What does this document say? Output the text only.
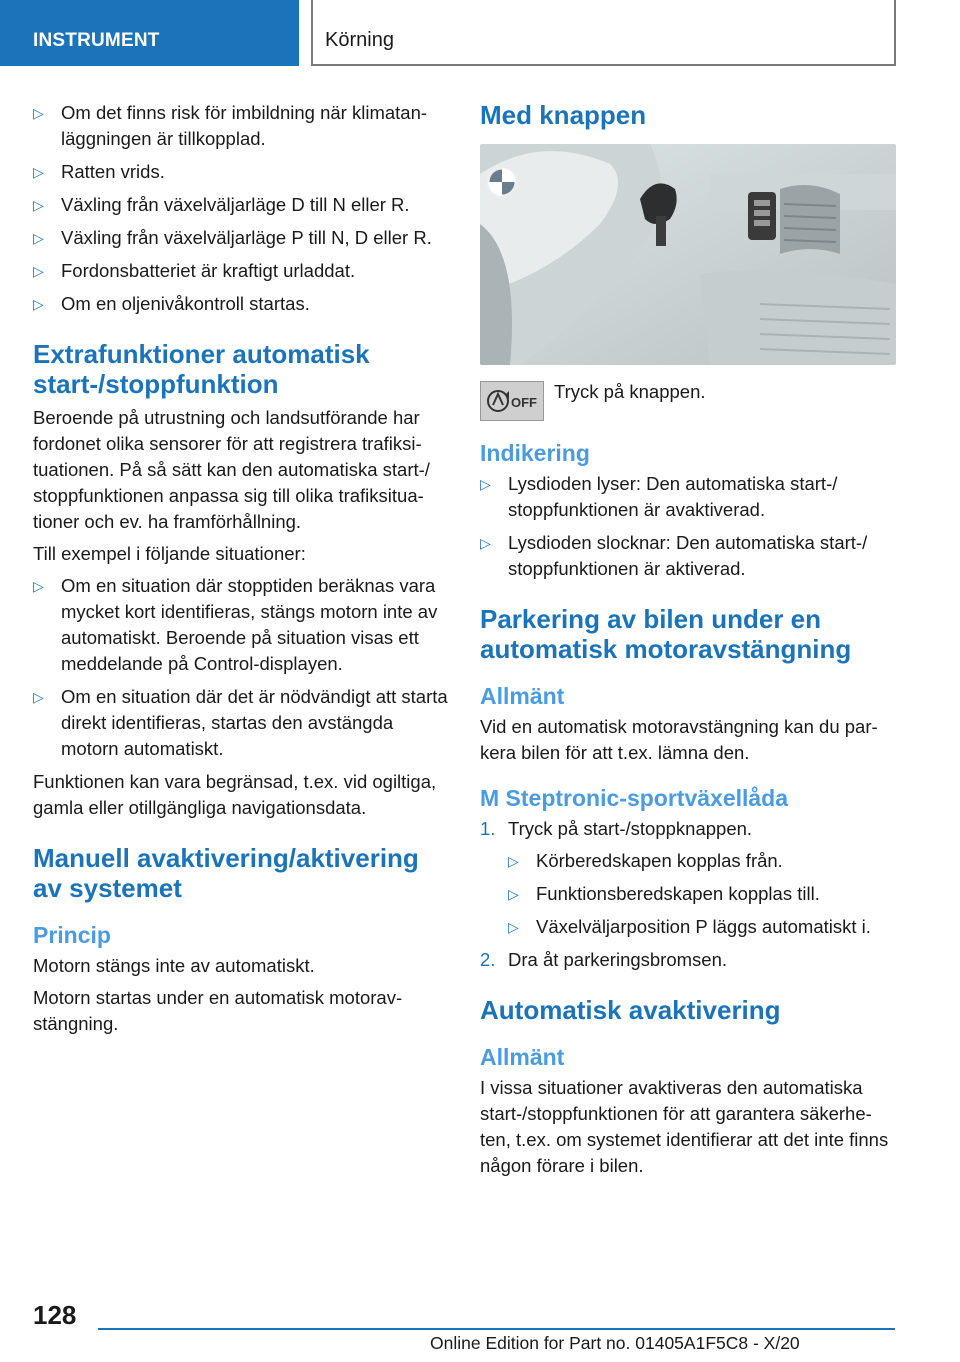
INSTRUMENT	Körning
▷ Om det finns risk för imbildning när klimatanläggningen är tillkopplad.
▷ Ratten vrids.
▷ Växling från växelväljarläge D till N eller R.
▷ Växling från växelväljarläge P till N, D eller R.
▷ Fordonsbatteriet är kraftigt urladdat.
▷ Om en oljenivåkontroll startas.
Extrafunktioner automatisk start-/stoppfunktion

Beroende på utrustning och landsutförande har fordonet olika sensorer för att registrera trafiksituationen. På så sätt kan den automatiska start-/ stoppfunktionen anpassa sig till olika trafiksituationer och ev. ha framförhållning.

Till exempel i följande situationer:

▷ Om en situation där stopptiden beräknas vara mycket kort identifieras, stängs motorn inte av automatiskt. Beroende på situation visas ett meddelande på Control-displayen.
▷ Om en situation där det är nödvändigt att starta direkt identifieras, startas den avstängda motorn automatiskt.

Funktionen kan vara begränsad, t.ex. vid ogiltiga, gamla eller otillgängliga navigationsdata.

Manuell avaktivering/aktivering av systemet
Princip

Motorn stängs inte av automatiskt.

Motorn startas under en automatisk motoravstängning.

Med knappen
OFF

Tryck på knappen.

Indikering
▷ Lysdioden lyser: Den automatiska start-/ stoppfunktionen är avaktiverad.
▷ Lysdioden slocknar: Den automatiska start-/ stoppfunktionen är aktiverad.
Parkering av bilen under en automatisk motoravstängning
Allmänt

Vid en automatisk motoravstängning kan du parkera bilen för att t.ex. lämna den.

M Steptronic-sportväxellåda
1. Tryck på start-/stoppknappen.
▷ Körberedskapen kopplas från.
▷ Funktionsberedskapen kopplas till.
▷ Växelväljarposition P läggs automatiskt i.
2. Dra åt parkeringsbromsen.
Automatisk avaktivering
Allmänt

I vissa situationer avaktiveras den automatiska start-/stoppfunktionen för att garantera säkerheten, t.ex. om systemet identifierar att det inte finns någon förare i bilen.

128
Online Edition for Part no. 01405A1F5C8 - X/20
